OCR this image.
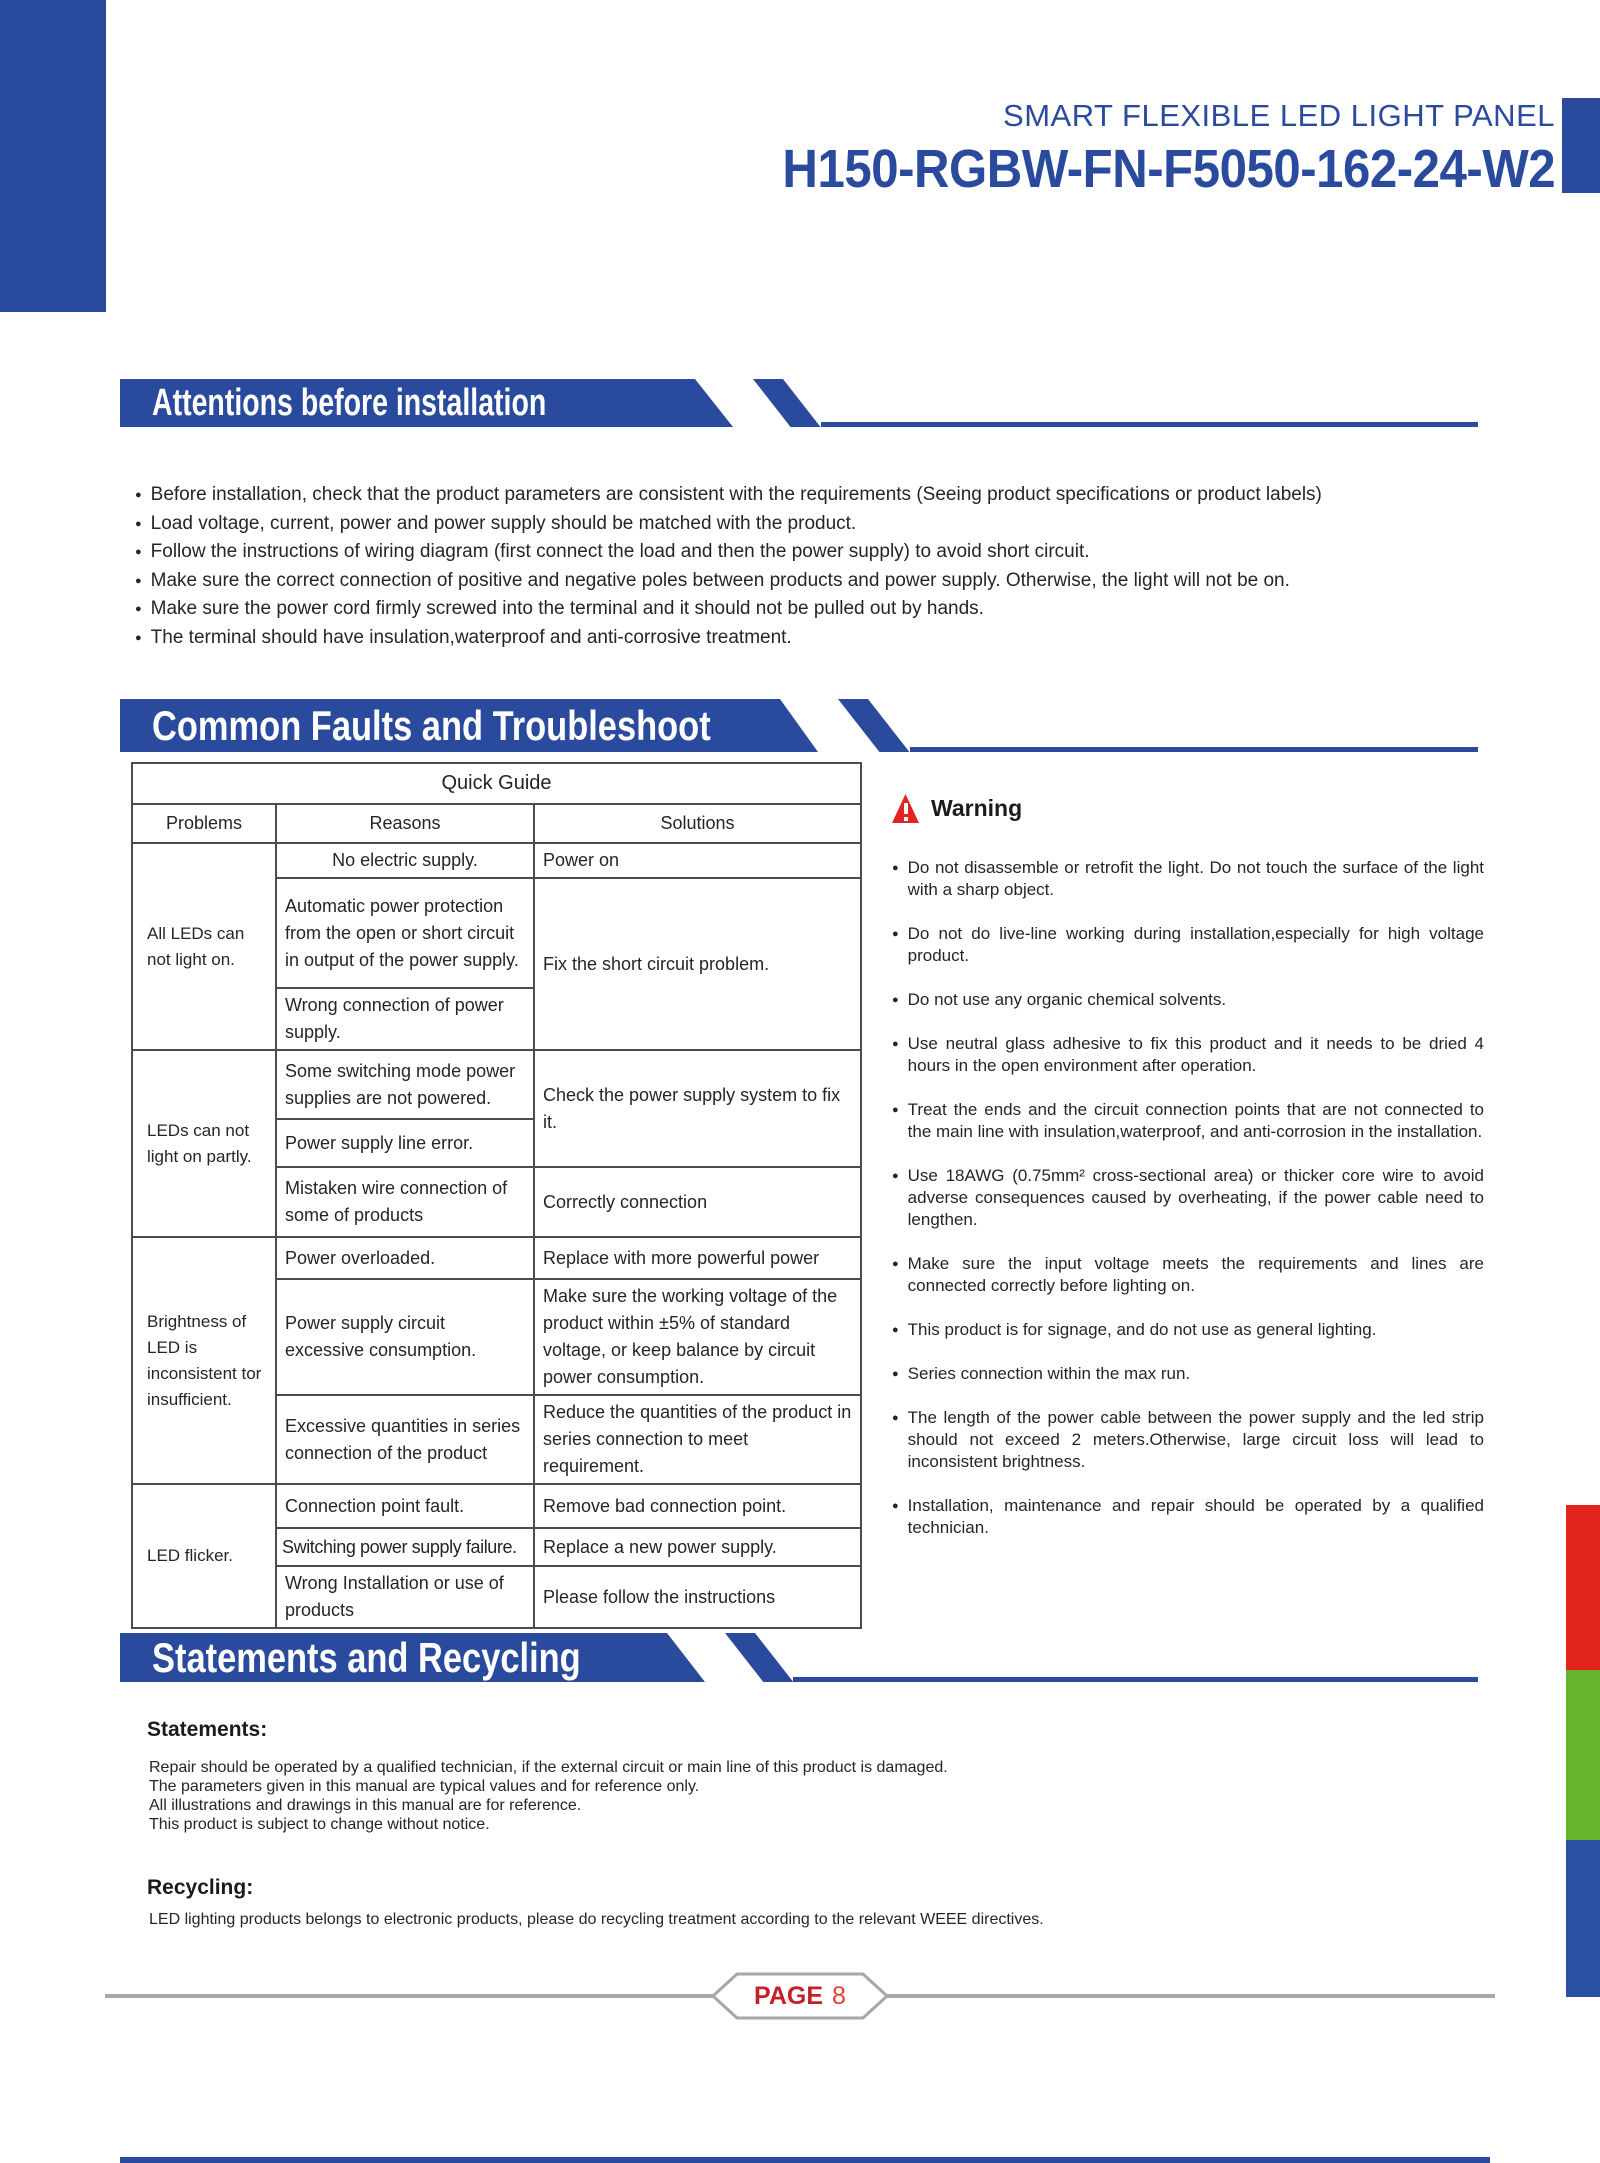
SMART FLEXIBLE LED LIGHT PANEL
H150-RGBW-FN-F5050-162-24-W2
Attentions before installation
● Before installation, check that the product parameters are consistent with the requirements (Seeing product specifications or product labels)
● Load voltage, current, power and power supply should be matched with the product.
● Follow the instructions of wiring diagram (first connect the load and then the power supply) to avoid short circuit.
● Make sure the correct connection of positive and negative poles between products and power supply. Otherwise, the light will not be on.
● Make sure the power cord firmly screwed into the terminal and it should not be pulled out by hands.
● The terminal should have insulation,waterproof and anti-corrosive treatment.
Common Faults and Troubleshoot
Quick Guide		
Problems	Reasons	Solutions
All LEDs can not light on.	No electric supply.	Power on
	Automatic power protection from the open or short circuit in output of the power supply.	Fix the short circuit problem.
	Wrong connection of power supply.	
LEDs can not light on partly.	Some switching mode power supplies are not powered.	Check the power supply system to fix it.
	Power supply line error.	
	Mistaken wire connection of some of products	Correctly connection
Brightness of LED is inconsistent tor insufficient.	Power overloaded.	Replace with more powerful power
	Power supply circuit excessive consumption.	Make sure the working voltage of the product within ±5% of standard voltage, or keep balance by circuit power consumption.
	Excessive quantities in series connection of the product	Reduce the quantities of the product in series connection to meet requirement.
LED flicker.	Connection point fault.	Remove bad connection point.
	Switching power supply failure.	Replace a new power supply.
	Wrong Installation or use of products	Please follow the instructions
Warning
● Do not disassemble or retrofit the light. Do not touch the surface of the light with a sharp object.

● Do not do live-line working during installation,especially for high voltage product.

● Do not use any organic chemical solvents.

● Use neutral glass adhesive to fix this product and it needs to be dried 4 hours in the open environment after operation.

● Treat the ends and the circuit connection points that are not connected to the main line with insulation,waterproof, and anti-corrosion in the installation.

● Use 18AWG (0.75mm² cross-sectional area) or thicker core wire to avoid adverse consequences caused by overheating, if the power cable need to lengthen.

● Make sure the input voltage meets the requirements and lines are connected correctly before lighting on.

● This product is for signage, and do not use as general lighting.

● Series connection within the max run.

● The length of the power cable between the power supply and the led strip should not exceed 2 meters.Otherwise, large circuit loss will lead to inconsistent brightness.

● Installation, maintenance and repair should be operated by a qualified technician.

Statements and Recycling
Statements:

Repair should be operated by a qualified technician, if the external circuit or main line of this product is damaged.

The parameters given in this manual are typical values and for reference only.

All illustrations and drawings in this manual are for reference.

This product is subject to change without notice.

Recycling:

LED lighting products belongs to electronic products, please do recycling treatment according to the relevant WEEE directives.

PAGE 8
